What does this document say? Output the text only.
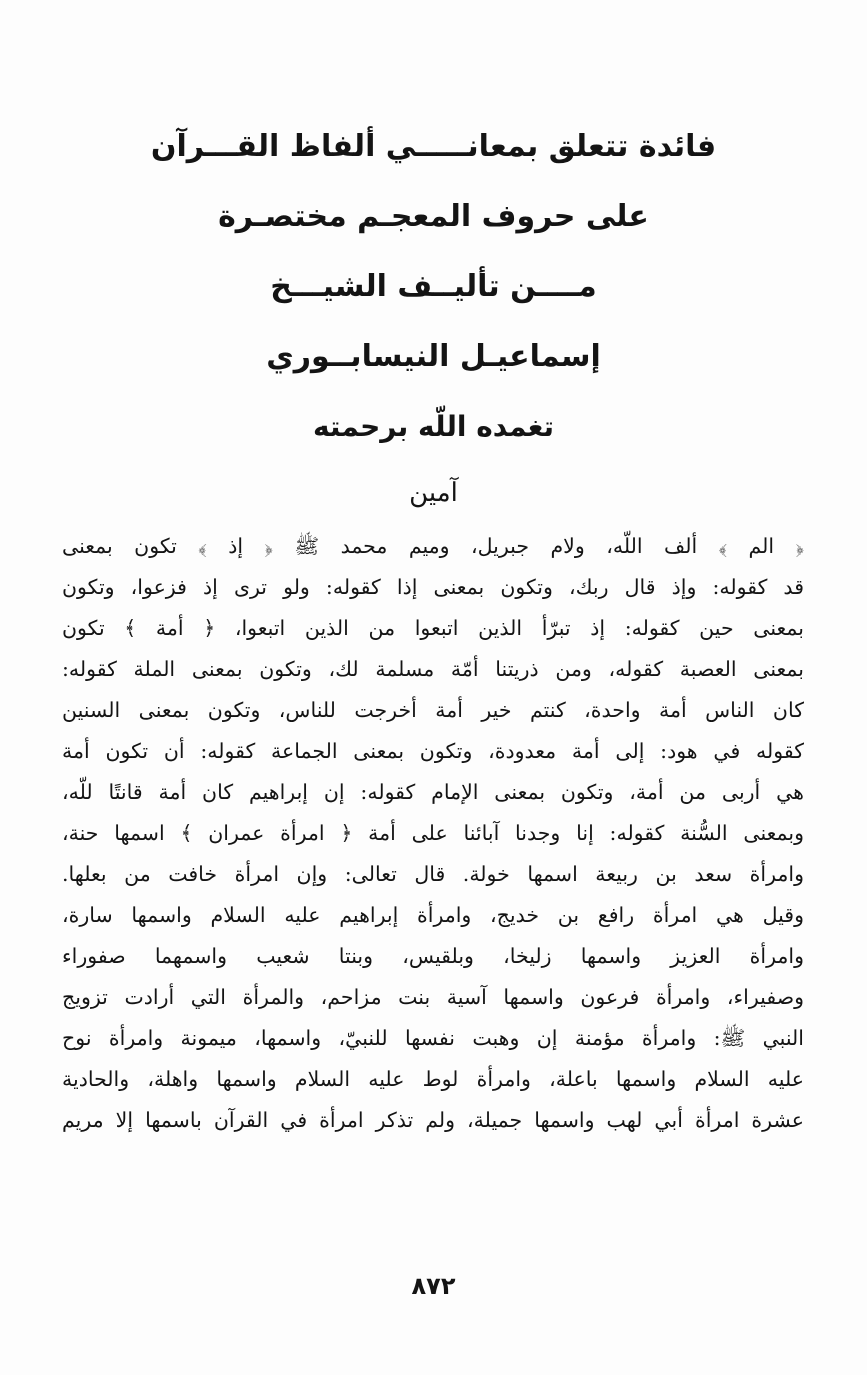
فائدة تتعلق بمعانـــــي ألفاظ القـــرآن
على حروف المعجـم مختصـرة
مــــن تأليــف الشيـــخ
إسماعيـل النيسابــوري
تغمده اللّه برحمته
آمين
﴿ الم ﴾ ألف اللّه، ولام جبريل، وميم محمد ﷺ ﴿ إذ ﴾ تكون بمعنى
قد كقوله: وإذ قال ربك، وتكون بمعنى إذا كقوله: ولو ترى إذ فزعوا، وتكون
بمعنى حين كقوله: إذ تبرّأ الذين اتبعوا من الذين اتبعوا، ﴿ أمة ﴾ تكون
بمعنى العصبة كقوله، ومن ذريتنا أمّة مسلمة لك، وتكون بمعنى الملة كقوله:
كان الناس أمة واحدة، كنتم خير أمة أخرجت للناس، وتكون بمعنى السنين
كقوله في هود: إلى أمة معدودة، وتكون بمعنى الجماعة كقوله: أن تكون أمة
هي أربى من أمة، وتكون بمعنى الإمام كقوله: إن إبراهيم كان أمة قانتًا للّه،
وبمعنى السُّنة كقوله: إنا وجدنا آبائنا على أمة ﴿ امرأة عمران ﴾ اسمها حنة،
وامرأة سعد بن ربيعة اسمها خولة. قال تعالى: وإن امرأة خافت من بعلها.
وقيل هي امرأة رافع بن خديج، وامرأة إبراهيم عليه السلام واسمها سارة،
وامرأة العزيز واسمها زليخا، وبلقيس، وبنتا شعيب واسمهما صفوراء
وصفيراء، وامرأة فرعون واسمها آسية بنت مزاحم، والمرأة التي أرادت تزويج
النبي ﷺ: وامرأة مؤمنة إن وهبت نفسها للنبيّ، واسمها، ميمونة وامرأة نوح
عليه السلام واسمها باعلة، وامرأة لوط عليه السلام واسمها واهلة، والحادية
عشرة امرأة أبي لهب واسمها جميلة، ولم تذكر امرأة في القرآن باسمها إلا مريم
٨٧٢
